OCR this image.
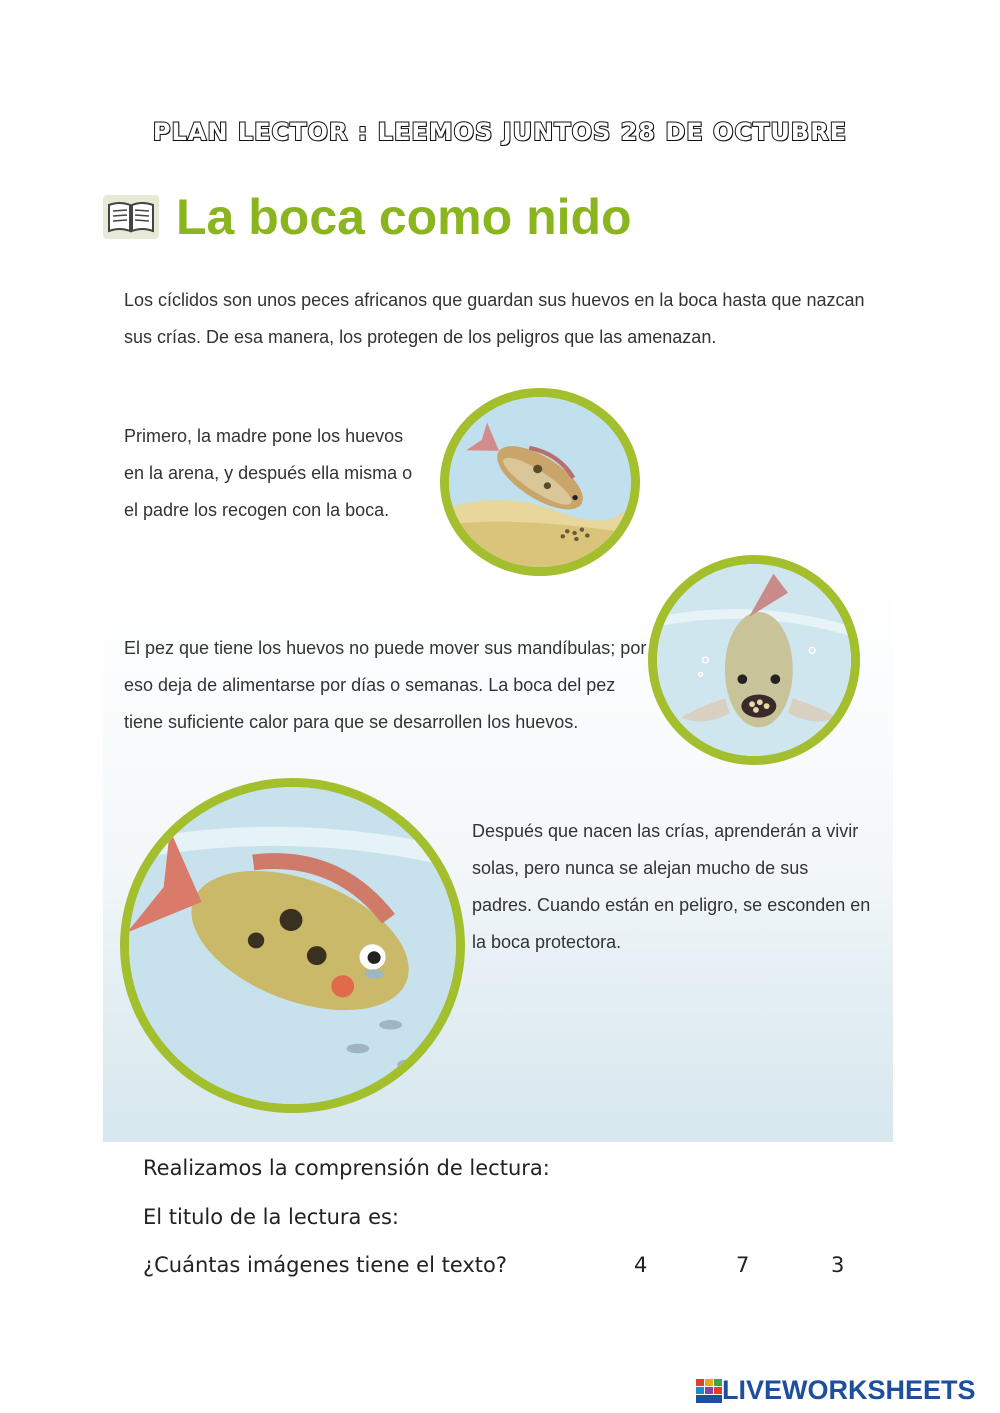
PLAN LECTOR : LEEMOS JUNTOS 28 DE OCTUBRE
La boca como nido
Los cíclidos son unos peces africanos que guardan sus huevos en la boca hasta que nazcan sus crías. De esa manera, los protegen de los peligros que las amenazan.
Primero, la madre pone los huevos en la arena, y después ella misma o el padre los recogen con la boca.
El pez que tiene los huevos no puede mover sus mandíbulas; por eso deja de alimentarse por días o semanas. La boca del pez tiene suficiente calor para que se desarrollen los huevos.
Después que nacen las crías, aprenderán a vivir solas, pero nunca se alejan mucho de sus padres. Cuando están en peligro, se esconden en la boca protectora.
Realizamos la comprensión de lectura:
El titulo de la lectura es:
¿Cuántas imágenes tiene el texto?	4	7	3
LIVEWORKSHEETS
